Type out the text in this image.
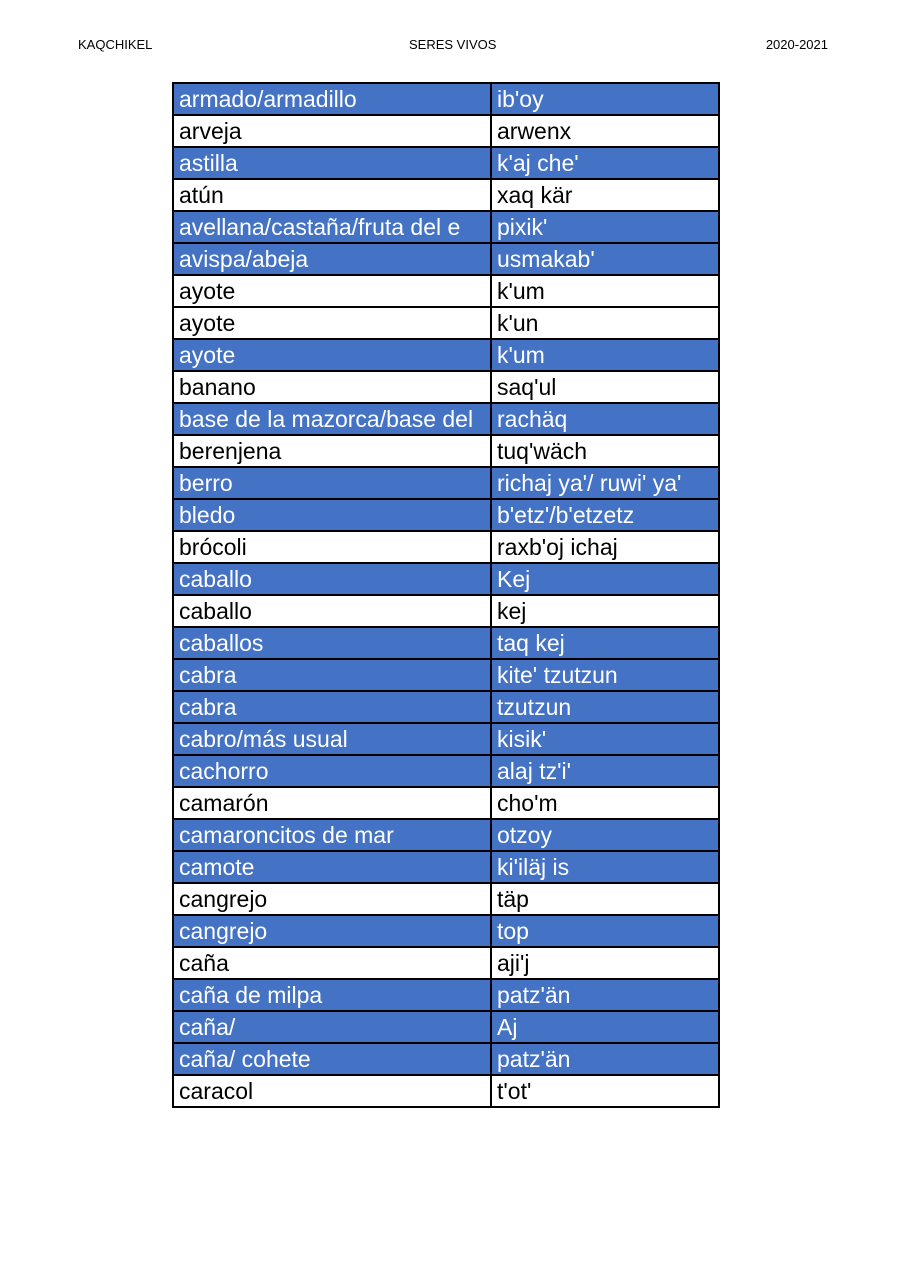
KAQCHIKEL	SERES VIVOS	2020-2021
armado/armadillo	ib'oy
arveja	arwenx
astilla	k'aj che'
atún	xaq kär
avellana/castaña/fruta del e	pixik'
avispa/abeja	usmakab'
ayote	k'um
ayote	k'un
ayote	k'um
banano	saq'ul
base de la mazorca/base del	rachäq
berenjena	tuq'wäch
berro	richaj ya'/ ruwi' ya'
bledo	b'etz'/b'etzetz
brócoli	raxb'oj ichaj
caballo	Kej
caballo	kej
caballos	taq kej
cabra	kite' tzutzun
cabra	tzutzun
cabro/más usual	kisik'
cachorro	alaj tz'i'
camarón	cho'm
camaroncitos de mar	otzoy
camote	ki'iläj is
cangrejo	täp
cangrejo	top
caña	aji'j
caña de milpa	patz'än
caña/	Aj
caña/ cohete	patz'än
caracol	t'ot'
